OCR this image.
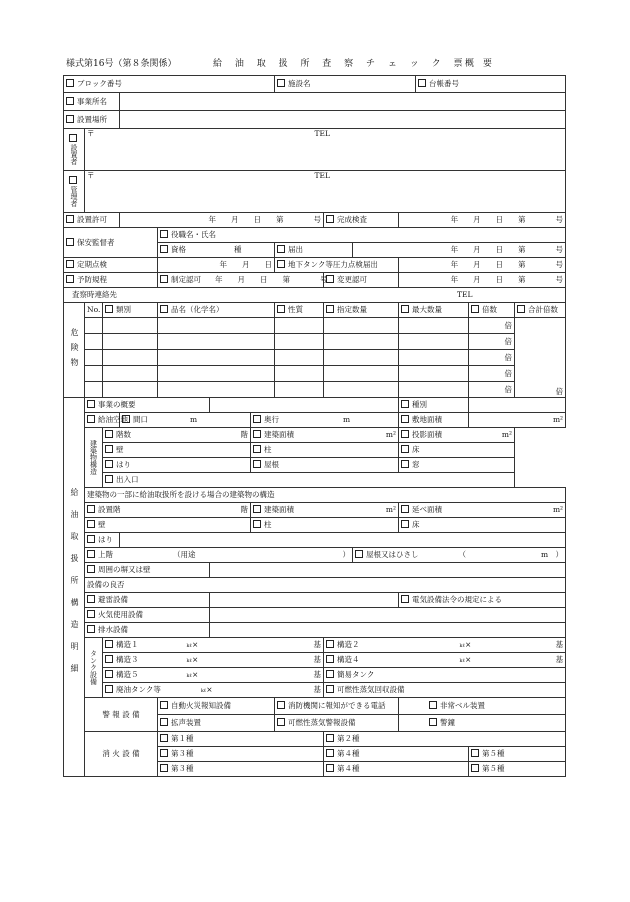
様式第16号（第８条関係）	給 油 取 扱 所 査 察 チ ェ ッ ク 票
概 要
ブロック番号							施設名				台帳番号		
事業所名													
設置場所													

設置者	〒 TEL												

管理者	〒 TEL												
設置許可			年　　月　　日　　第　　　　号					完成検査		年　　月　　日　　第　　　　号			
保安監督者				役職名・氏名									
				資格 種			届出		年　　月　　日　　第　　　　号				
定期点検				年　　月　　日			地下タンク等圧力点検届出			年　　月　　日　　第　　　　号			
予防規程				制定認可 年　　月　　日　　第　　　　号				変更認可		年　　月　　日　　第　　　　号			
査察時連絡先 TEL													

危険物	No.	類別		品名（化学名）			性質	指定数量		最大数量		倍数	合計倍数
												倍	倍
												倍	
												倍	
												倍	
												倍	

給油取扱所構造明細	事業の概要									種別			
	給油空地		間口 m			奥行 m				敷地面積		m²	

	建築物構造	階数 階				建築面積 m²				投影面積 m²			

		壁				柱				床			
		はり				屋根				窓			
		出入口											
	建築物の一部に給油取扱所を設ける場合の建築物の構造												
	設置階 階					建築面積 m²				延べ面積 m²			

	壁					柱				床			
	はり												
	上階 （用途 ）								屋根又はひさし （ m　）				

	周囲の塀又は壁												
	設備の良否												
	避雷設備									電気設備法令の規定による			
	火気使用設備												
	排水設備												

	タンク設備	構造１ kℓ× 基						構造２ kℓ× 基					

		構造３ kℓ× 基						構造４ kℓ× 基					

		構造５ kℓ× 基						簡易タンク					
		廃油タンク等 kℓ× 基						可燃性蒸気回収設備					
	警 報 設 備			自動火災報知設備			消防機関に報知ができる電話			非常ベル装置			
				拡声装置			可燃性蒸気警報設備			警鐘			
	消 火 設 備			第１種				第２種					
				第３種				第４種				第５種	
				第３種				第４種				第５種	
